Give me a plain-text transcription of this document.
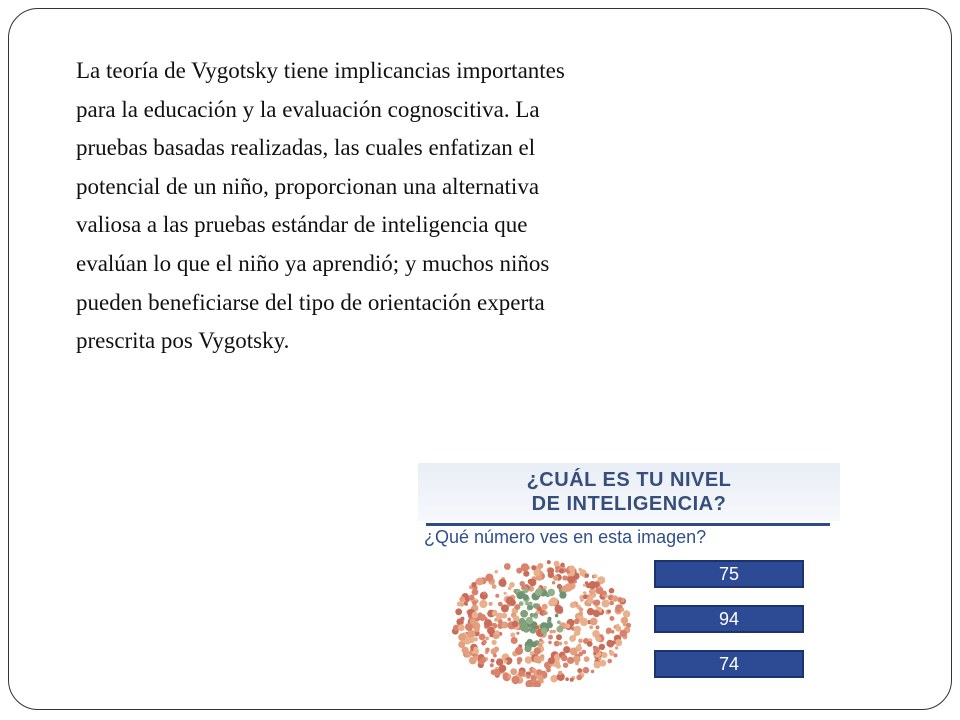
La teoría de Vygotsky tiene implicancias importantes
para la educación y la evaluación cognoscitiva. La
pruebas basadas realizadas, las cuales enfatizan el
potencial de un niño, proporcionan una alternativa
valiosa a las pruebas estándar de inteligencia que
evalúan lo que el niño ya aprendió; y muchos niños
pueden beneficiarse del tipo de orientación experta
prescrita pos Vygotsky.

¿CUÁL ES TU NIVEL
DE INTELIGENCIA?
¿Qué número ves en esta imagen?
75
94
74
